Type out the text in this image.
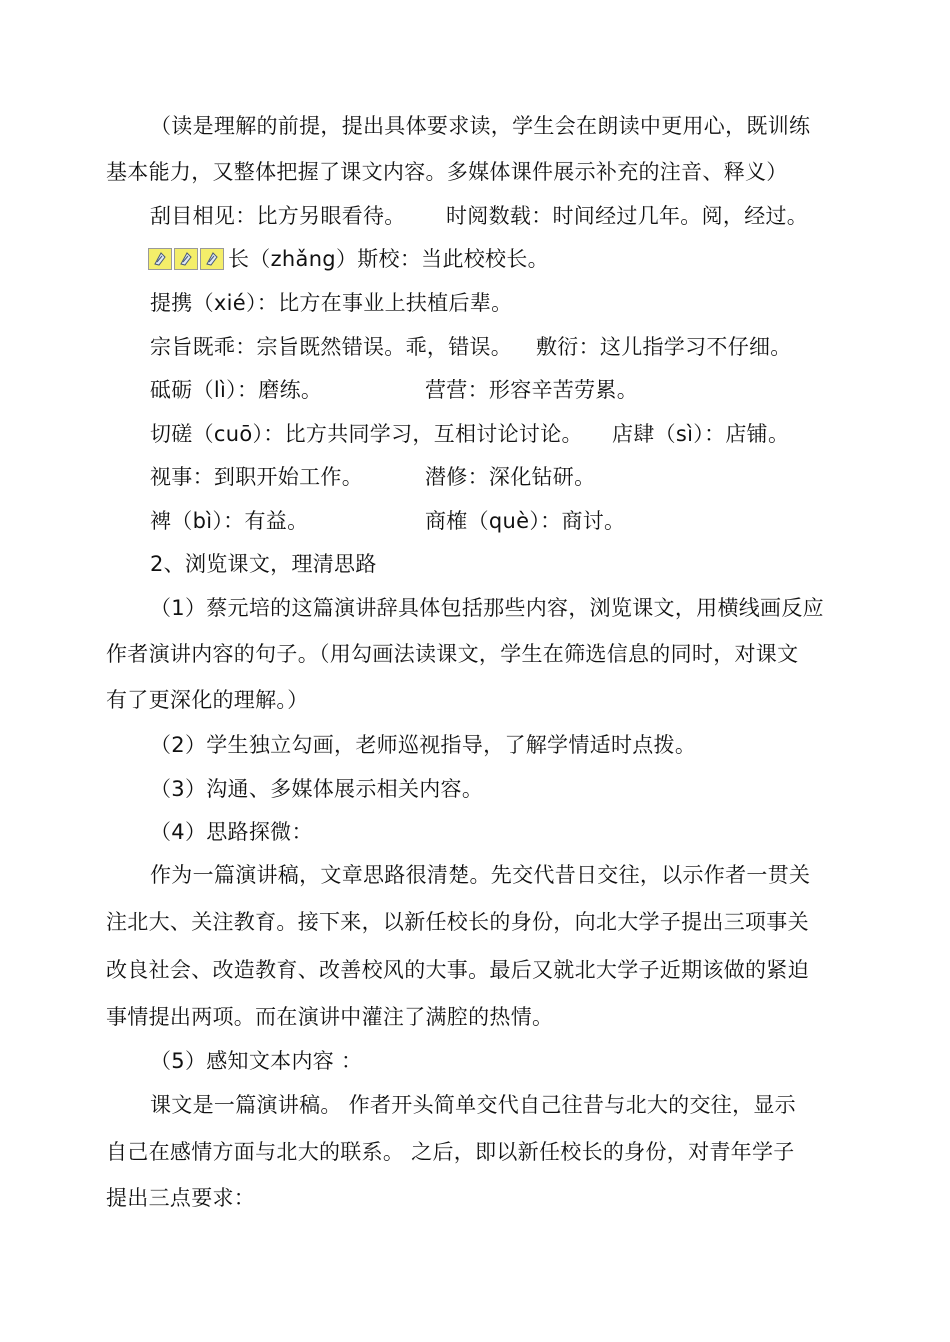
（读是理解的前提，提出具体要求读，学生会在朗读中更用心，既训练
基本能力，又整体把握了课文内容。多媒体课件展示补充的注音、释义）
刮目相见：比方另眼看待。 时阅数载：时间经过几年。阅，经过。
长（zhǎng）斯校：当此校校长。
提携（xié）：比方在事业上扶植后辈。
宗旨既乖：宗旨既然错误。乖，错误。 敷衍：这儿指学习不仔细。
砥砺（lì）：磨练。	营营：形容辛苦劳累。
切磋（cuō）：比方共同学习，互相讨论讨论。 店肆（sì）：店铺。
视事：到职开始工作。	潜修：深化钻研。
裨（bì）：有益。	商榷（què）：商讨。
2、浏览课文，理清思路
（1）蔡元培的这篇演讲辞具体包括那些内容，浏览课文，用横线画反应
作者演讲内容的句子。（用勾画法读课文，学生在筛选信息的同时，对课文
有了更深化的理解。）
（2）学生独立勾画，老师巡视指导，了解学情适时点拨。
（3）沟通、多媒体展示相关内容。
（4）思路探微：
作为一篇演讲稿，文章思路很清楚。先交代昔日交往，以示作者一贯关
注北大、关注教育。接下来，以新任校长的身份，向北大学子提出三项事关
改良社会、改造教育、改善校风的大事。最后又就北大学子近期该做的紧迫
事情提出两项。而在演讲中灌注了满腔的热情。
（5）感知文本内容 ：
课文是一篇演讲稿。 作者开头简单交代自己往昔与北大的交往，显示
自己在感情方面与北大的联系。 之后，即以新任校长的身份，对青年学子
提出三点要求：
